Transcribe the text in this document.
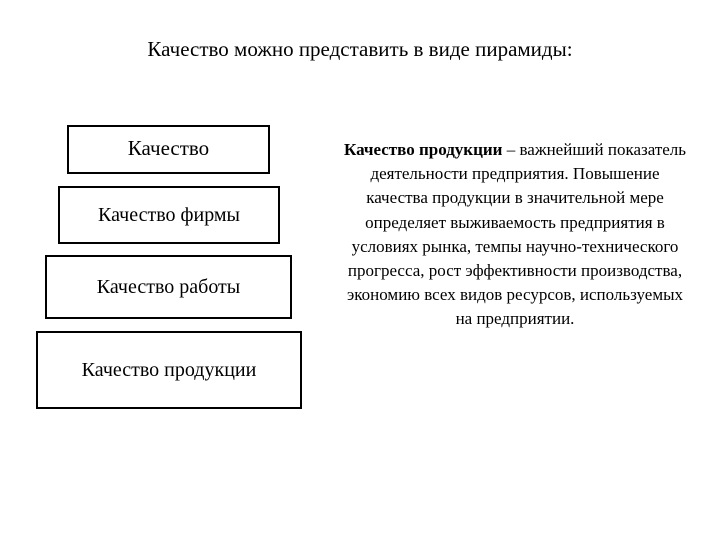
Качество можно представить в виде пирамиды:
Качество
Качество фирмы
Качество работы
Качество продукции
Качество продукции – важнейший показатель деятельности предприятия. Повышение качества продукции в значительной мере определяет выживаемость предприятия в условиях рынка, темпы научно-технического прогресса, рост эффективности производства, экономию всех видов ресурсов, используемых на предприятии.
